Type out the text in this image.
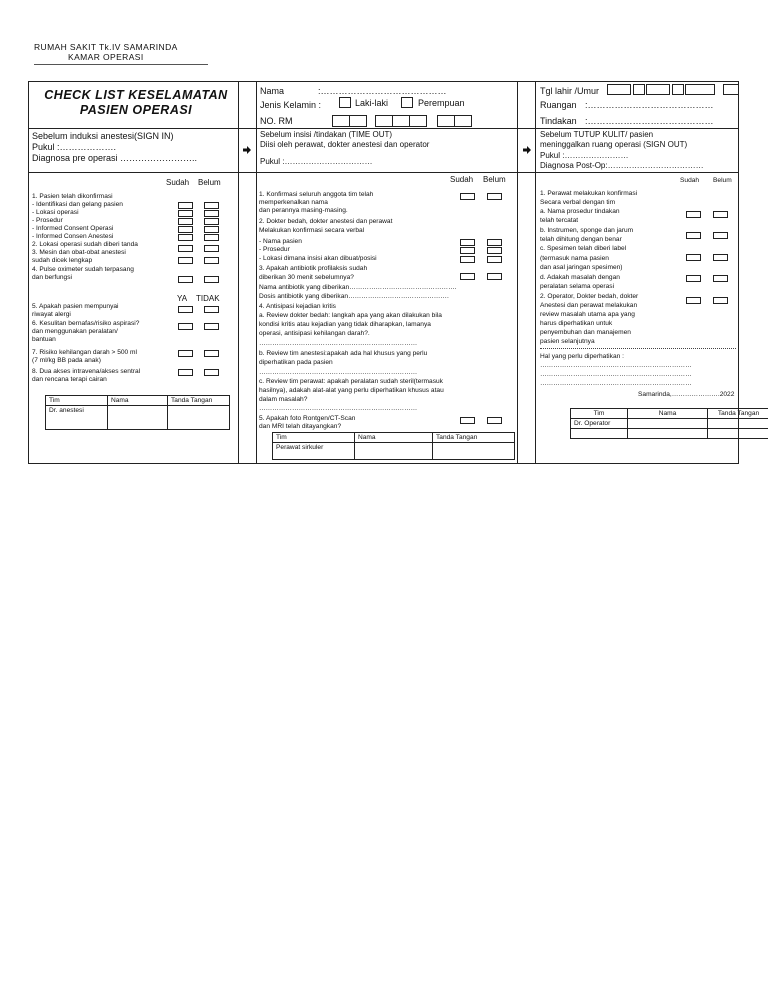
RUMAH SAKIT Tk.IV SAMARINDA
KAMAR OPERASI
CHECK LIST KESELAMATAN
PASIEN OPERASI
Nama	:……………………………………
Jenis Kelamin :	Laki-laki	Perempuan
NO. RM
Tgl lahir /Umur
Ruangan :……………………………………
Tindakan :……………………………………
Sebelum induksi anestesi(SIGN IN)
Pukul :……………….
Diagnosa pre operasi ……………………..
Sebelum insisi /tindakan (TIME OUT)
Diisi oleh perawat, dokter anestesi dan operator
Pukul :……………………………
Sebelum TUTUP KULIT/ pasien
meninggalkan ruang operasi (SIGN OUT)
Pukul :……………………
Diagnosa Post-Op:………………………………
Sudah Belum
1. Pasien telah dikonfirmasi
- Identifikasi dan gelang pasien
- Lokasi operasi
- Prosedur
- Informed Consent Operasi
- Informed Consen Anestesi
2. Lokasi operasi sudah diberi tanda
3. Mesin dan obat-obat anestesi
sudah dicek lengkap
4. Pulse oximeter sudah terpasang
dan berfungsi
5. Apakah pasien mempunyai
riwayat alergi
6. Kesulitan bernafas/risiko aspirasi?
dan menggunakan peralatan/
bantuan
7. Risiko kehilangan darah > 500 ml
(7 ml/kg BB pada anak)
8. Dua akses intravena/akses sentral
dan rencana terapi cairan
YA TIDAK
Tim	Nama	Tanda Tangan
Dr. anestesi		
Sudah Belum
1. Konfirmasi seluruh anggota tim telah
memperkenalkan nama
dan perannya masing-masing.
2. Dokter bedah, dokter anestesi dan perawat
Melakukan konfirmasi secara verbal
- Nama pasien
- Prosedur
- Lokasi dimana insisi akan dibuat/posisi
3. Apakah antibiotik profilaksis sudah
diberikan 30 menit sebelumnya?
Nama antibiotik yang diberikan………………………………………….
Dosis antibiotik yang diberikan……………………………………….
4. Antisipasi kejadian kritis
a. Review dokter bedah: langkah apa yang akan dilakukan bila
kondisi kritis atau kejadian yang tidak diharapkan, lamanya
operasi, antisipasi kehilangan darah?.
………………………………………………………………
b. Review tim anestesi:apakah ada hal khusus yang perlu
diperhatikan pada pasien
………………………………………………………………
c. Review tim perawat: apakah peralatan sudah steril(termasuk
hasilnya), adakah alat-alat yang perlu diperhatikan khusus atau
dalam masalah?
………………………………………………………………
5. Apakah foto Rontgen/CT-Scan
dan MRI telah ditayangkan?
Tim	Nama	Tanda Tangan
Perawat sirkuler		
Sudah Belum
1. Perawat melakukan konfirmasi
Secara verbal dengan tim
a. Nama prosedur tindakan
telah tercatat
b. Instrumen, sponge dan jarum
telah dihitung dengan benar
c. Spesimen telah diberi label
(termasuk nama pasien
dan asal jaringan spesimen)
d. Adakah masalah dengan
peralatan selama operasi
2. Operator, Dokter bedah, dokter
Anestesi dan perawat melakukan
review masalah utama apa yang
harus diperhatikan untuk
penyembuhan dan manajemen
pasien selanjutnya
Hal yang perlu diperhatikan :
……………………………………………………………
……………………………………………………………
……………………………………………………………
Samarinda,………………….2022
Tim	Nama	Tanda Tangan
Dr. Operator		
